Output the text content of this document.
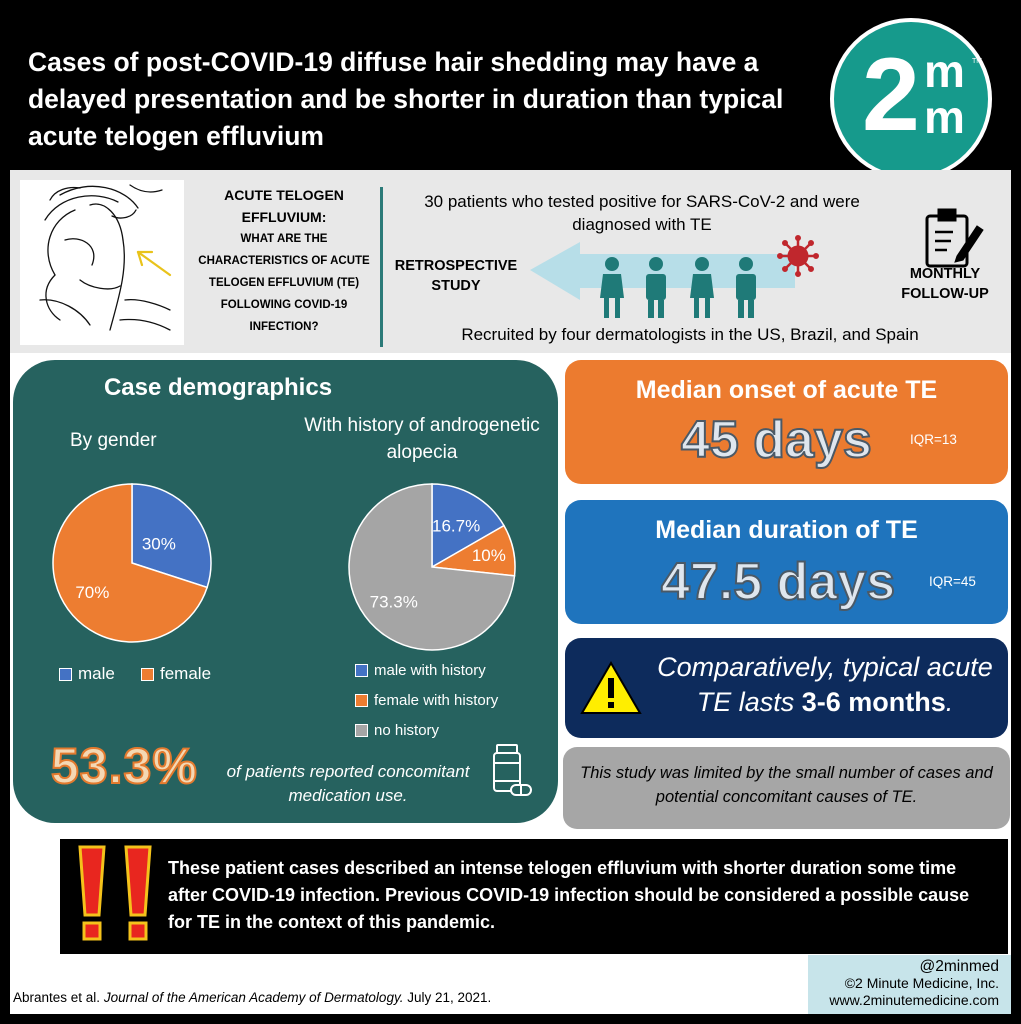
Cases of post-COVID-19 diffuse hair shedding may have a delayed presentation and be shorter in duration than typical acute telogen effluvium	2 m
m
TM
ACUTE TELOGEN EFFLUVIUM:
WHAT ARE THE CHARACTERISTICS OF ACUTE TELOGEN EFFLUVIUM (TE) FOLLOWING COVID-19 INFECTION?
30 patients who tested positive for SARS-CoV-2 and were diagnosed with TE
RETROSPECTIVE STUDY
MONTHLY FOLLOW-UP
Recruited by four dermatologists in the US, Brazil, and Spain
Case demographics
By gender
With history of androgenetic alopecia
30%
70%
16.7%
10%
73.3%
male	female	male with history
female with history
no history
53.3%	of patients reported concomitant medication use.
Median onset of acute TE
45 days	IQR=13
Median duration of TE
47.5 days	IQR=45
Comparatively, typical acute TE lasts 3-6 months.
This study was limited by the small number of cases and potential concomitant causes of TE.
These patient cases described an intense telogen effluvium with shorter duration some time after COVID-19 infection. Previous COVID-19 infection should be considered a possible cause for TE in the context of this pandemic.
Abrantes et al. Journal of the American Academy of Dermatology. July 21, 2021.
@2minmed
©2 Minute Medicine, Inc.
www.2minutemedicine.com
